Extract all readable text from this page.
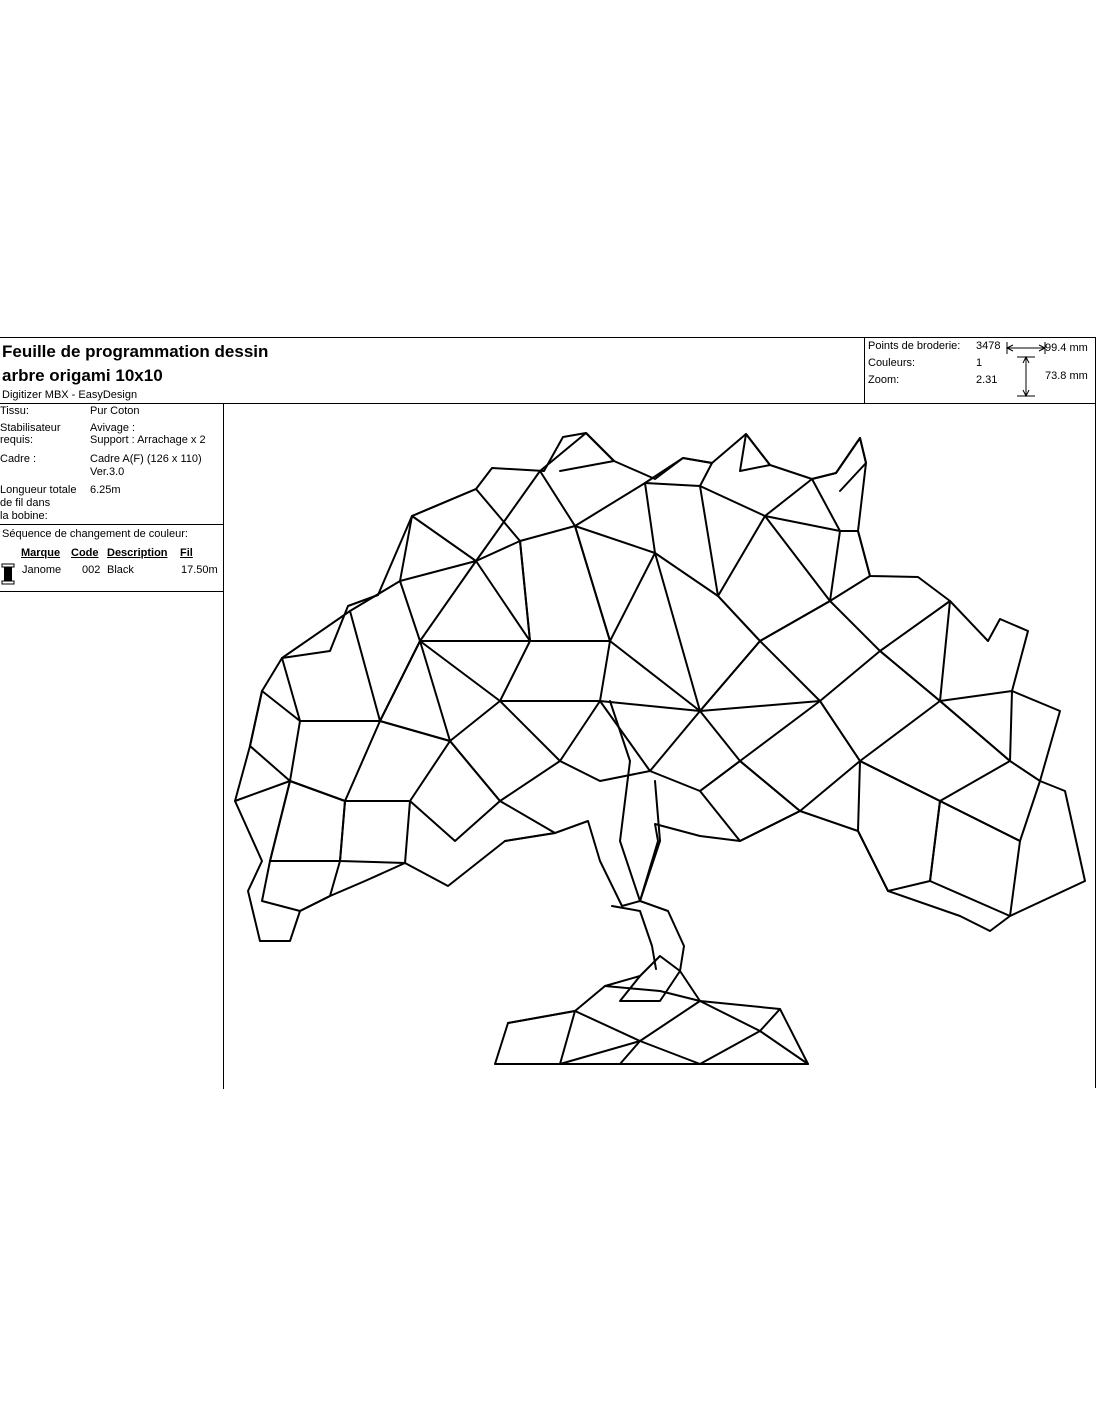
Feuille de programmation dessin
arbre origami 10x10
Digitizer MBX - EasyDesign
Points de broderie: 3478
Couleurs:	1
Zoom:	2.31
99.4 mm
73.8 mm
Tissu:	Pur Coton
Stabilisateur
requis:
Avivage :
Support : Arrachage x 2
Cadre :	Cadre A(F) (126 x 110)
Ver.3.0
Longueur totale
de fil dans
la bobine:
6.25m
Séquence de changement de couleur:
Marque Code Description Fil
Janome 002 Black	17.50m
